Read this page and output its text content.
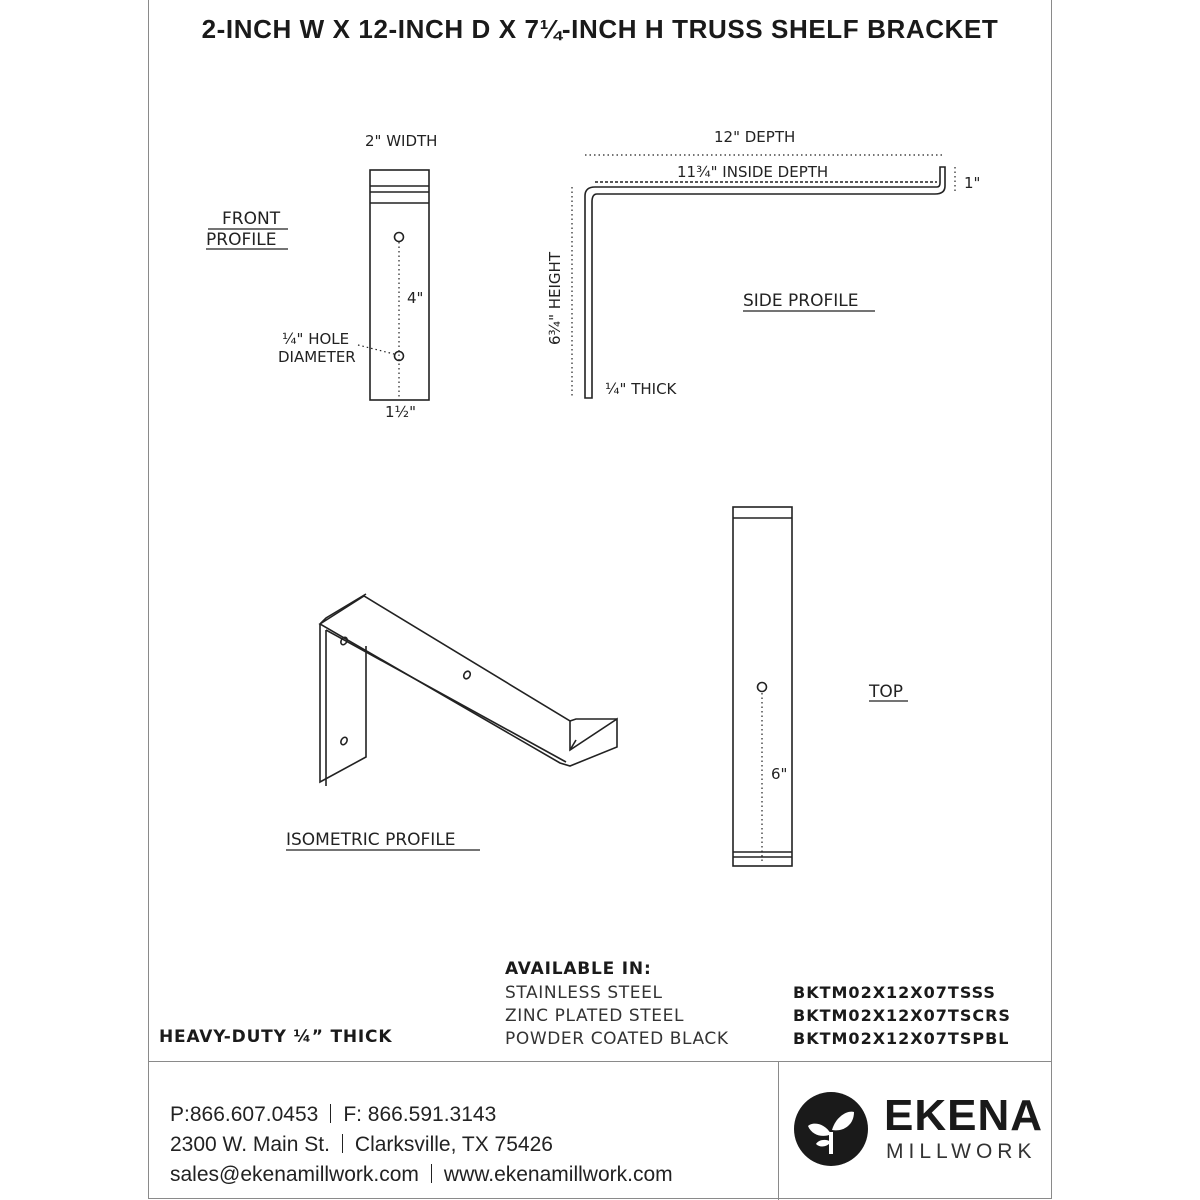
2-INCH W X 12-INCH D X 7¼-INCH H TRUSS SHELF BRACKET
2" WIDTH
FRONT
PROFILE
4"
¼" HOLE
DIAMETER
1½"
12" DEPTH
11¾" INSIDE DEPTH
1"
6¾" HEIGHT	SIDE PROFILE
¼" THICK
ISOMETRIC PROFILE
TOP
6"
AVAILABLE IN:
STAINLESS STEEL
ZINC PLATED STEEL
POWDER COATED BLACK
BKTM02X12X07TSSS
BKTM02X12X07TSCRS
BKTM02X12X07TSPBL
HEAVY-DUTY ¼” THICK
P:866.607.0453 F: 866.591.3143
2300 W. Main St. Clarksville, TX 75426
sales@ekenamillwork.com www.ekenamillwork.com
EKENA
MILLWORK
